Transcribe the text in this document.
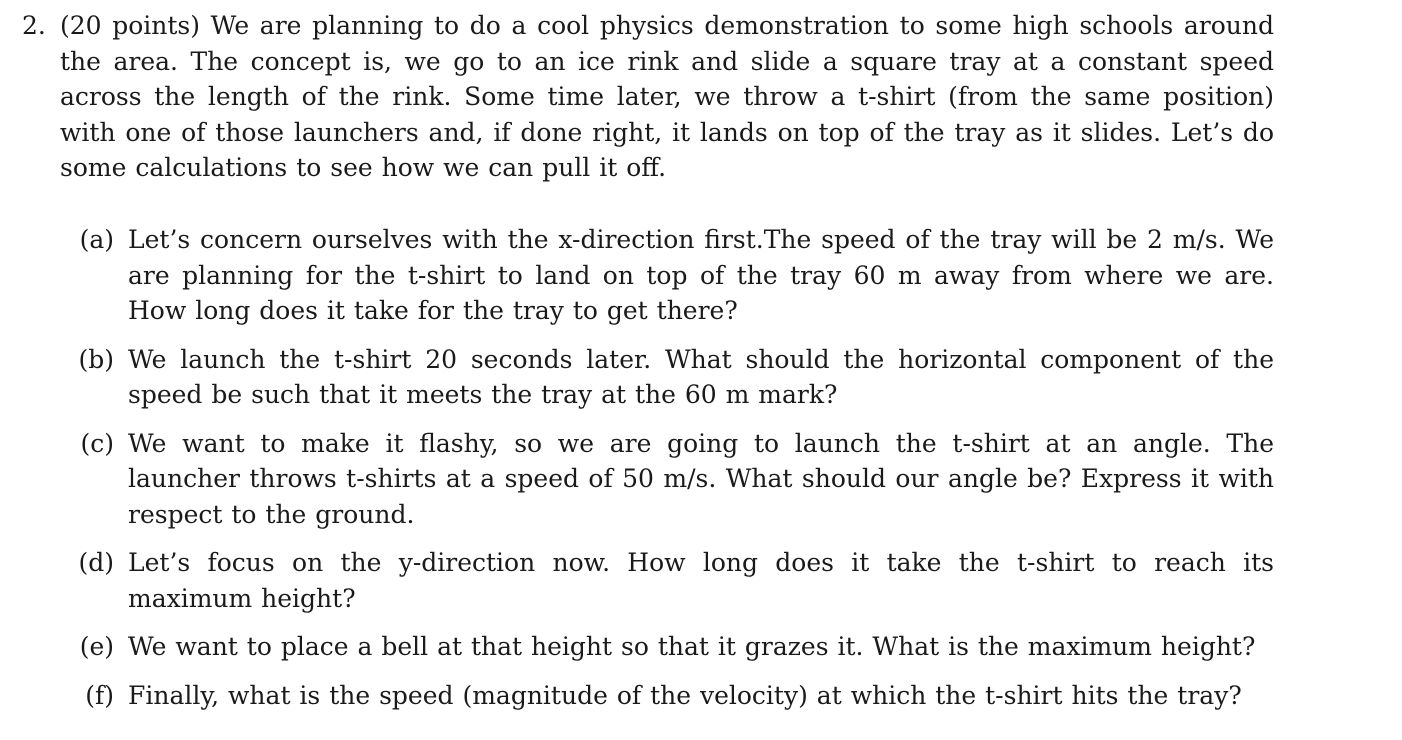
2. (20 points) We are planning to do a cool physics demonstration to some high schools around the area. The concept is, we go to an ice rink and slide a square tray at a constant speed across the length of the rink. Some time later, we throw a t-shirt (from the same position) with one of those launchers and, if done right, it lands on top of the tray as it slides. Let’s do some calculations to see how we can pull it off.
(a) Let’s concern ourselves with the x-direction first.The speed of the tray will be 2 m/s. We are planning for the t-shirt to land on top of the tray 60 m away from where we are. How long does it take for the tray to get there?
(b) We launch the t-shirt 20 seconds later. What should the horizontal component of the speed be such that it meets the tray at the 60 m mark?
(c) We want to make it flashy, so we are going to launch the t-shirt at an angle. The launcher throws t-shirts at a speed of 50 m/s. What should our angle be? Express it with respect to the ground.
(d) Let’s focus on the y-direction now. How long does it take the t-shirt to reach its maximum height?
(e) We want to place a bell at that height so that it grazes it. What is the maximum height?
(f) Finally, what is the speed (magnitude of the velocity) at which the t-shirt hits the tray?
